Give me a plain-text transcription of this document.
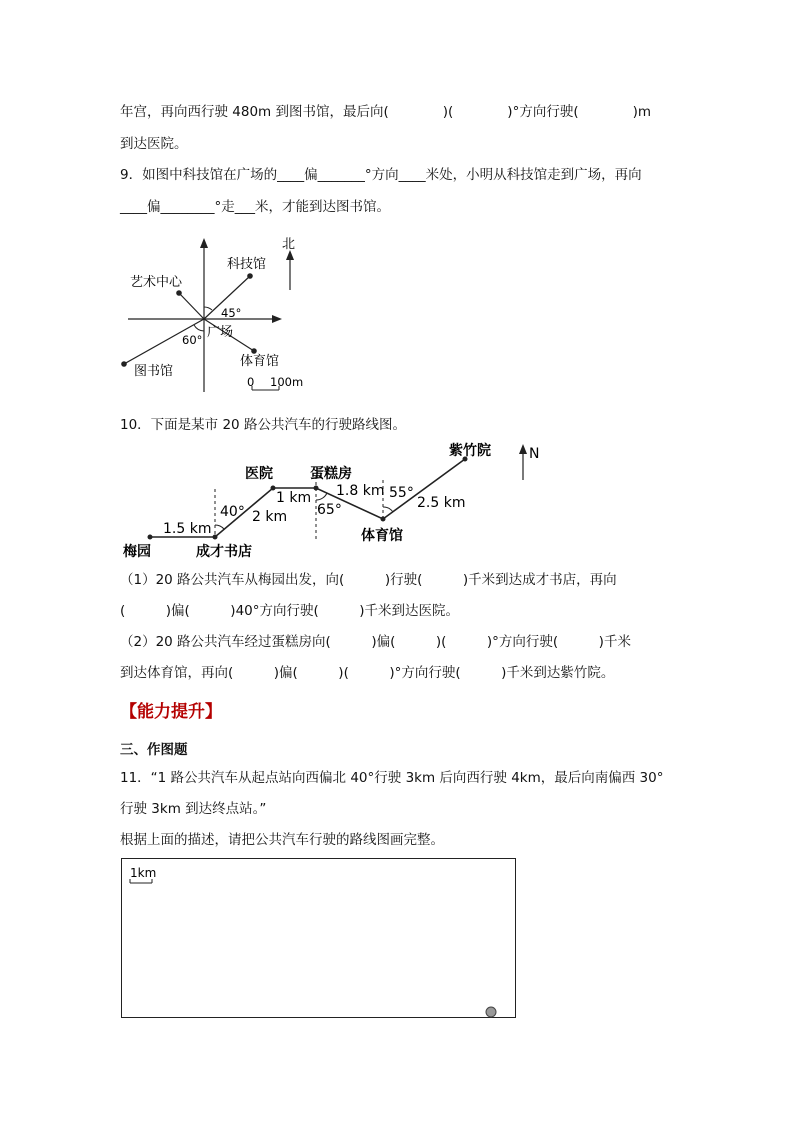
年宫，再向西行驶 480m 到图书馆，最后向(　　　　)(　　　　)°方向行驶(　　　　)m
到达医院。
9．如图中科技馆在广场的____偏_______°方向____米处，小明从科技馆走到广场，再向
____偏________°走___米，才能到达图书馆。
北
科技馆
艺术中心
45°
广场
60°
图书馆
体育馆
0 100m
10．下面是某市 20 路公共汽车的行驶路线图。
N
1.5 km
2 km
1 km 1.8 km
2.5 km
40°	65°
55°
梅园	成才书店
医院	蛋糕房
体育馆
紫竹院
（1）20 路公共汽车从梅园出发，向(　　　)行驶(　　　)千米到达成才书店，再向
(　　　)偏(　　　)40°方向行驶(　　　)千米到达医院。
（2）20 路公共汽车经过蛋糕房向(　　　)偏(　　　)(　　　)°方向行驶(　　　)千米
到达体育馆，再向(　　　)偏(　　　)(　　　)°方向行驶(　　　)千米到达紫竹院。
【能力提升】
三、作图题
11．“1 路公共汽车从起点站向西偏北 40°行驶 3km 后向西行驶 4km，最后向南偏西 30°
行驶 3km 到达终点站。”
根据上面的描述，请把公共汽车行驶的路线图画完整。
1km
